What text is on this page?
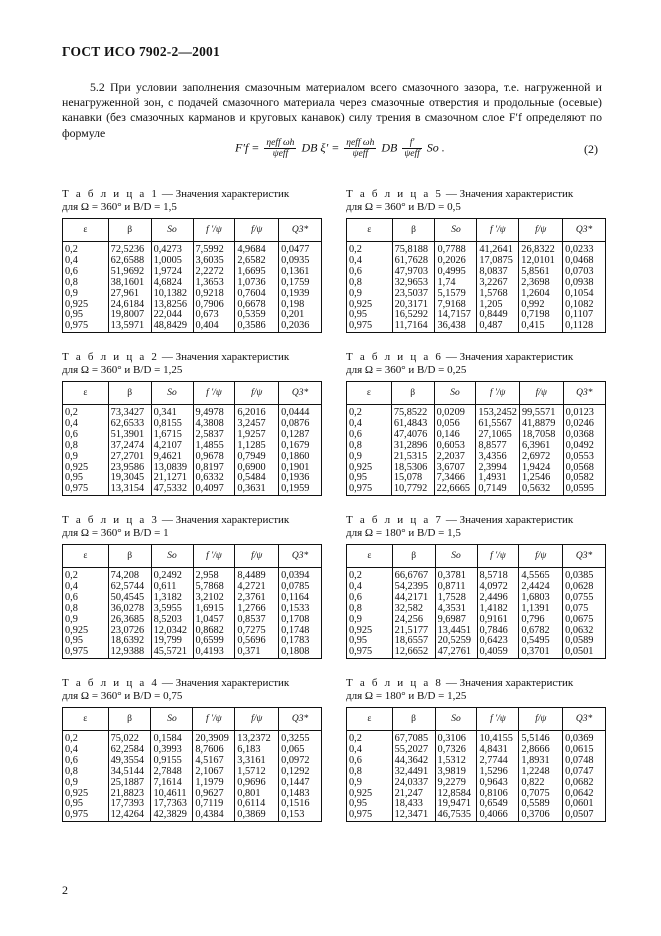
ГОСТ ИСО 7902-2—2001
5.2 При условии заполнения смазочным материалом всего смазочного зазора, т.е. нагруженной и ненагруженной зон, с подачей смазочного материала через смазочные отверстия и продольные (осевые) канавки (без смазочных карманов и круговых канавок) силу трения в смазочном слое F′f определяют по формуле
$F'f = \frac{\text{ηeff ωh}}{\text{ψeff}}$ DB $\xi' = \frac{\text{ηeff ωh}}{\text{ψeff}}$ DB $\frac{f'}{\text{ψeff}}$ So .	(2)
Т а б л и ц а 1 — Значения характеристик
для Ω = 360° и B/D = 1,5
ε	β	So	f ′/ψ	f/ψ	Q3*
0,2	72,5236	0,4273	7,5992	4,9684	0,0477
0,4	62,6588	1,0005	3,6035	2,6582	0,0935
0,6	51,9692	1,9724	2,2272	1,6695	0,1361
0,8	38,1601	4,6824	1,3653	1,0736	0,1759
0,9	27,961	10,1382	0,9218	0,7604	0,1939
0,925	24,6184	13,8256	0,7906	0,6678	0,198
0,95	19,8007	22,044	0,673	0,5359	0,201
0,975	13,5971	48,8429	0,404	0,3586	0,2036
Т а б л и ц а 5 — Значения характеристик
для Ω = 360° и B/D = 0,5
ε	β	So	f ′/ψ	f/ψ	Q3*
0,2	75,8188	0,7788	41,2641	26,8322	0,0233
0,4	61,7628	0,2026	17,0875	12,0101	0,0468
0,6	47,9703	0,4995	8,0837	5,8561	0,0703
0,8	32,9653	1,74	3,2267	2,3698	0,0938
0,9	23,5037	5,1579	1,5768	1,2604	0,1054
0,925	20,3171	7,9168	1,205	0,992	0,1082
0,95	16,5292	14,7157	0,8449	0,7198	0,1107
0,975	11,7164	36,438	0,487	0,415	0,1128
Т а б л и ц а 2 — Значения характеристик
для Ω = 360° и B/D = 1,25
ε	β	So	f ′/ψ	f/ψ	Q3*
0,2	73,3427	0,341	9,4978	6,2016	0,0444
0,4	62,6533	0,8155	4,3808	3,2457	0,0876
0,6	51,3901	1,6715	2,5837	1,9257	0,1287
0,8	37,2474	4,2107	1,4855	1,1285	0,1679
0,9	27,2701	9,4621	0,9678	0,7949	0,1860
0,925	23,9586	13,0839	0,8197	0,6900	0,1901
0,95	19,3045	21,1271	0,6332	0,5484	0,1936
0,975	13,3154	47,5332	0,4097	0,3631	0,1959
Т а б л и ц а 6 — Значения характеристик
для Ω = 360° и B/D = 0,25
ε	β	So	f ′/ψ	f/ψ	Q3*
0,2	75,8522	0,0209	153,2452	99,5571	0,0123
0,4	61,4843	0,056	61,5567	41,8879	0,0246
0,6	47,4076	0,146	27,1065	18,7058	0,0368
0,8	31,2896	0,6053	8,8577	6,3961	0,0492
0,9	21,5315	2,2037	3,4356	2,6972	0,0553
0,925	18,5306	3,6707	2,3994	1,9424	0,0568
0,95	15,078	7,3466	1,4931	1,2546	0,0582
0,975	10,7792	22,6665	0,7149	0,5632	0,0595
Т а б л и ц а 3 — Значения характеристик
для Ω = 360° и B/D = 1
ε	β	So	f ′/ψ	f/ψ	Q3*
0,2	74,208	0,2492	2,958	8,4489	0,0394
0,4	62,5744	0,611	5,7868	4,2721	0,0785
0,6	50,4545	1,3182	3,2102	2,3761	0,1164
0,8	36,0278	3,5955	1,6915	1,2766	0,1533
0,9	26,3685	8,5203	1,0457	0,8537	0,1708
0,925	23,0726	12,0342	0,8682	0,7275	0,1748
0,95	18,6392	19,799	0,6599	0,5696	0,1783
0,975	12,9388	45,5721	0,4193	0,371	0,1808
Т а б л и ц а 7 — Значения характеристик
для Ω = 180° и B/D = 1,5
ε	β	So	f ′/ψ	f/ψ	Q3*
0,2	66,6767	0,3781	8,5718	4,5565	0,0385
0,4	54,2395	0,8711	4,0972	2,4424	0,0628
0,6	44,2171	1,7528	2,4496	1,6803	0,0755
0,8	32,582	4,3531	1,4182	1,1391	0,075
0,9	24,256	9,6987	0,9161	0,796	0,0675
0,925	21,5177	13,4451	0,7846	0,6782	0,0632
0,95	18,6557	20,5259	0,6423	0,5495	0,0589
0,975	12,6652	47,2761	0,4059	0,3701	0,0501
Т а б л и ц а 4 — Значения характеристик
для Ω = 360° и B/D = 0,75
ε	β	So	f ′/ψ	f/ψ	Q3*
0,2	75,022	0,1584	20,3909	13,2372	0,3255
0,4	62,2584	0,3993	8,7606	6,183	0,065
0,6	49,3554	0,9155	4,5167	3,3161	0,0972
0,8	34,5144	2,7848	2,1067	1,5712	0,1292
0,9	25,1887	7,1614	1,1979	0,9696	0,1447
0,925	21,8823	10,4611	0,9627	0,801	0,1483
0,95	17,7393	17,7363	0,7119	0,6114	0,1516
0,975	12,4264	42,3829	0,4384	0,3869	0,153
Т а б л и ц а 8 — Значения характеристик
для Ω = 180° и B/D = 1,25
ε	β	So	f ′/ψ	f/ψ	Q3*
0,2	67,7085	0,3106	10,4155	5,5146	0,0369
0,4	55,2027	0,7326	4,8431	2,8666	0,0615
0,6	44,3642	1,5312	2,7744	1,8931	0,0748
0,8	32,4491	3,9819	1,5296	1,2248	0,0747
0,9	24,0337	9,2279	0,9643	0,822	0,0682
0,925	21,247	12,8584	0,8106	0,7075	0,0642
0,95	18,433	19,9471	0,6549	0,5589	0,0601
0,975	12,3471	46,7535	0,4066	0,3706	0,0507
2
